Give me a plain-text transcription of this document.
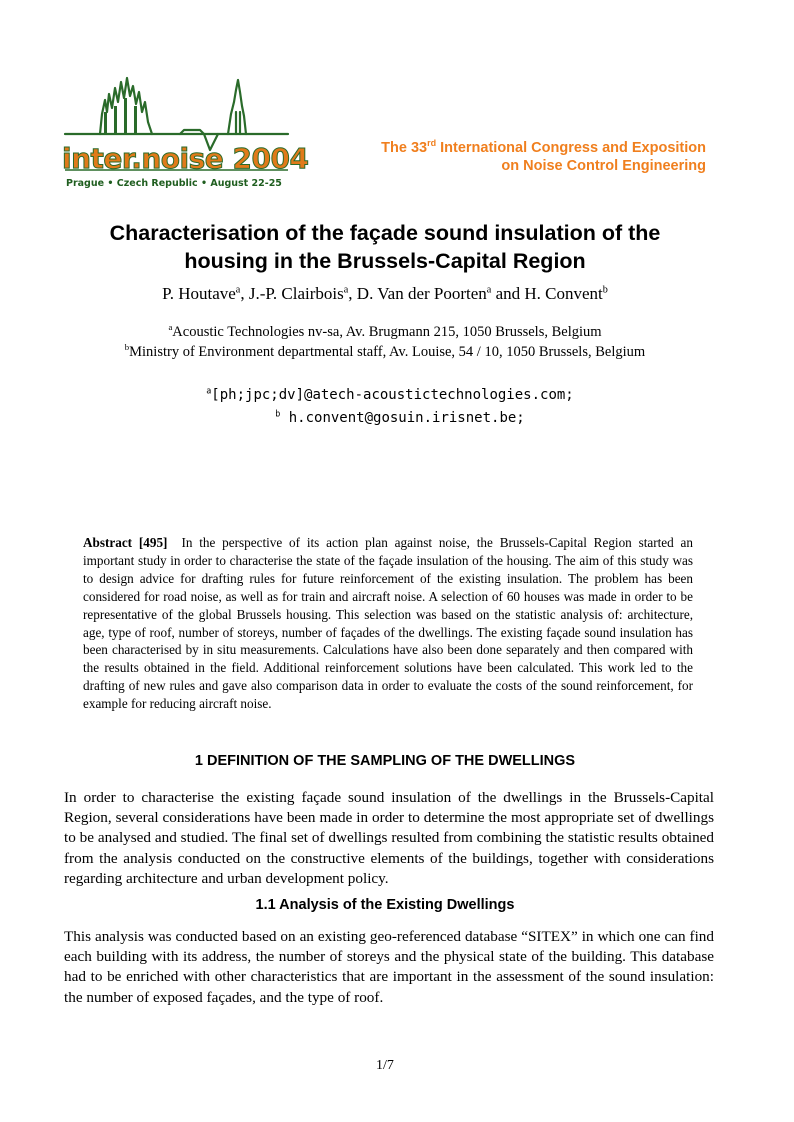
inter.noise 2004
Prague • Czech Republic • August 22-25
The 33rd International Congress and Exposition
on Noise Control Engineering
Characterisation of the façade sound insulation of the
housing in the Brussels-Capital Region
P. Houtave$^a$, J.-P. Clairbois$^a$, D. Van der Poorten$^a$ and H. Convent$^b$
$^a$Acoustic Technologies nv-sa, Av. Brugmann 215, 1050 Brussels, Belgium
$^b$Ministry of Environment departmental staff, Av. Louise, 54 / 10, 1050 Brussels, Belgium
$^a$[ph;jpc;dv]@atech-acoustictechnologies.com;
$^b$ h.convent@gosuin.irisnet.be;
Abstract [495] In the perspective of its action plan against noise, the Brussels-Capital Region started an important study in order to characterise the state of the façade insulation of the housing. The aim of this study was to design advice for drafting rules for future reinforcement of the existing insulation. The problem has been considered for road noise, as well as for train and aircraft noise. A selection of 60 houses was made in order to be representative of the global Brussels housing. This selection was based on the statistic analysis of: architecture, age, type of roof, number of storeys, number of façades of the dwellings. The existing façade sound insulation has been characterised by in situ measurements. Calculations have also been done separately and then compared with the results obtained in the field. Additional reinforcement solutions have been calculated. This work led to the drafting of new rules and gave also comparison data in order to evaluate the costs of the sound reinforcement, for example for reducing aircraft noise.
1 DEFINITION OF THE SAMPLING OF THE DWELLINGS
In order to characterise the existing façade sound insulation of the dwellings in the Brussels-Capital Region, several considerations have been made in order to determine the most appropriate set of dwellings to be analysed and studied. The final set of dwellings resulted from combining the statistic results obtained from the analysis conducted on the constructive elements of the buildings, together with considerations regarding architecture and urban development policy.
1.1 Analysis of the Existing Dwellings
This analysis was conducted based on an existing geo-referenced database “SITEX” in which one can find each building with its address, the number of storeys and the physical state of the building. This database had to be enriched with other characteristics that are important in the assessment of the sound insulation: the number of exposed façades, and the type of roof.
1/7
